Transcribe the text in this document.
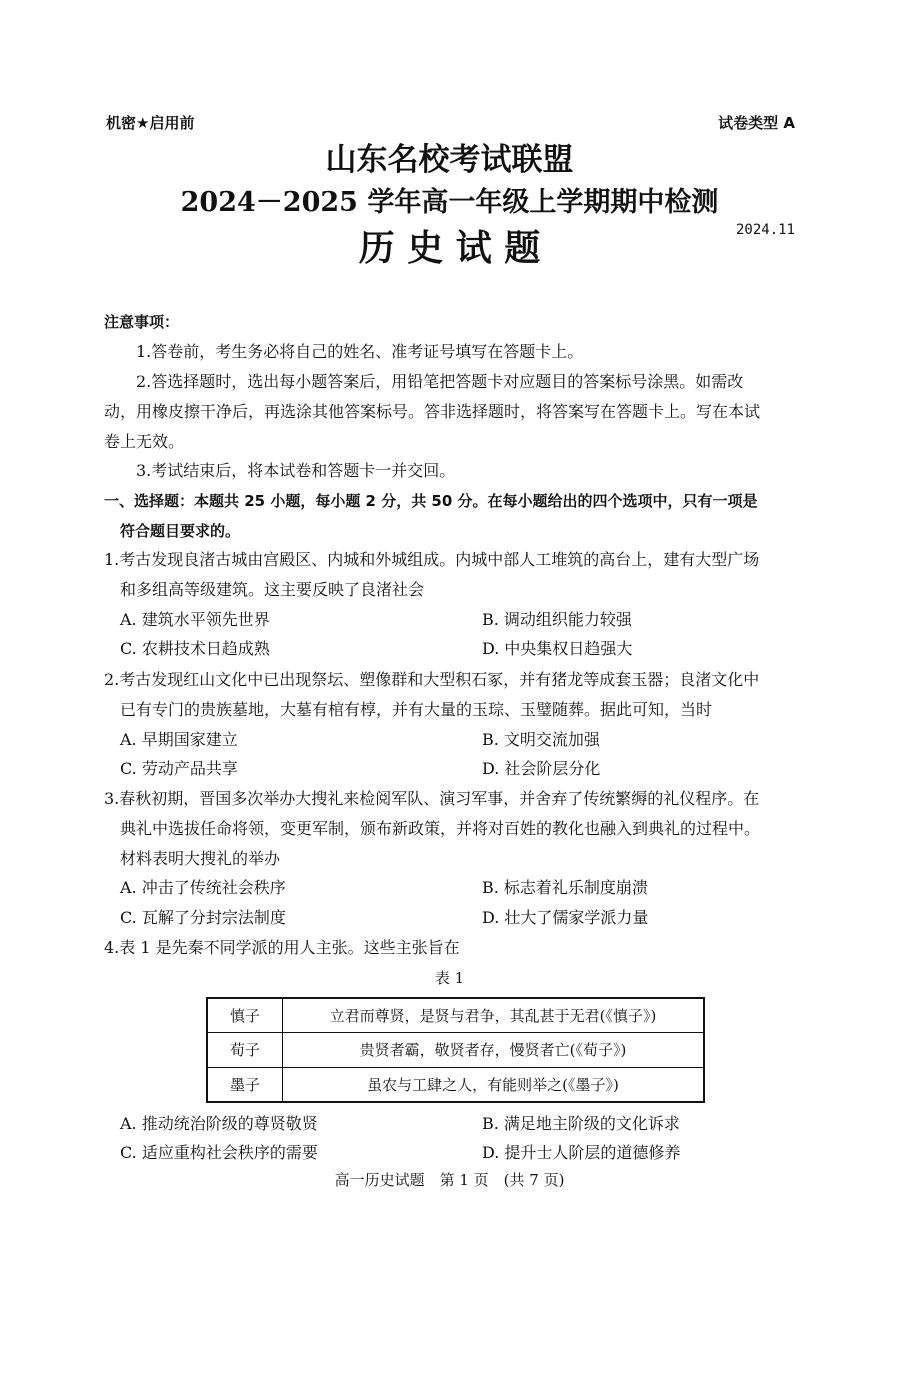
机密★启用前	试卷类型 A
山东名校考试联盟
2024－2025 学年高一年级上学期期中检测
历 史 试 题	2024.11
注意事项：
1.答卷前，考生务必将自己的姓名、准考证号填写在答题卡上。
2.答选择题时，选出每小题答案后，用铅笔把答题卡对应题目的答案标号涂黑。如需改
动，用橡皮擦干净后，再选涂其他答案标号。答非选择题时，将答案写在答题卡上。写在本试
卷上无效。
3.考试结束后，将本试卷和答题卡一并交回。
一、选择题：本题共 25 小题，每小题 2 分，共 50 分。在每小题给出的四个选项中，只有一项是
符合题目要求的。
1.考古发现良渚古城由宫殿区、内城和外城组成。内城中部人工堆筑的高台上，建有大型广场
和多组高等级建筑。这主要反映了良渚社会
A. 建筑水平领先世界	B. 调动组织能力较强
C. 农耕技术日趋成熟	D. 中央集权日趋强大
2.考古发现红山文化中已出现祭坛、塑像群和大型积石冢，并有猪龙等成套玉器；良渚文化中
已有专门的贵族墓地，大墓有棺有椁，并有大量的玉琮、玉璧随葬。据此可知，当时
A. 早期国家建立	B. 文明交流加强
C. 劳动产品共享	D. 社会阶层分化
3.春秋初期，晋国多次举办大搜礼来检阅军队、演习军事，并舍弃了传统繁缛的礼仪程序。在
典礼中选拔任命将领，变更军制，颁布新政策，并将对百姓的教化也融入到典礼的过程中。
材料表明大搜礼的举办
A. 冲击了传统社会秩序	B. 标志着礼乐制度崩溃
C. 瓦解了分封宗法制度	D. 壮大了儒家学派力量
4.表 1 是先秦不同学派的用人主张。这些主张旨在
表 1
慎子	立君而尊贤，是贤与君争，其乱甚于无君(《慎子》)
荀子	贵贤者霸，敬贤者存，慢贤者亡(《荀子》)
墨子	虽农与工肆之人，有能则举之(《墨子》)
A. 推动统治阶级的尊贤敬贤	B. 满足地主阶级的文化诉求
C. 适应重构社会秩序的需要	D. 提升士人阶层的道德修养
高一历史试题　第 1 页　(共 7 页)
